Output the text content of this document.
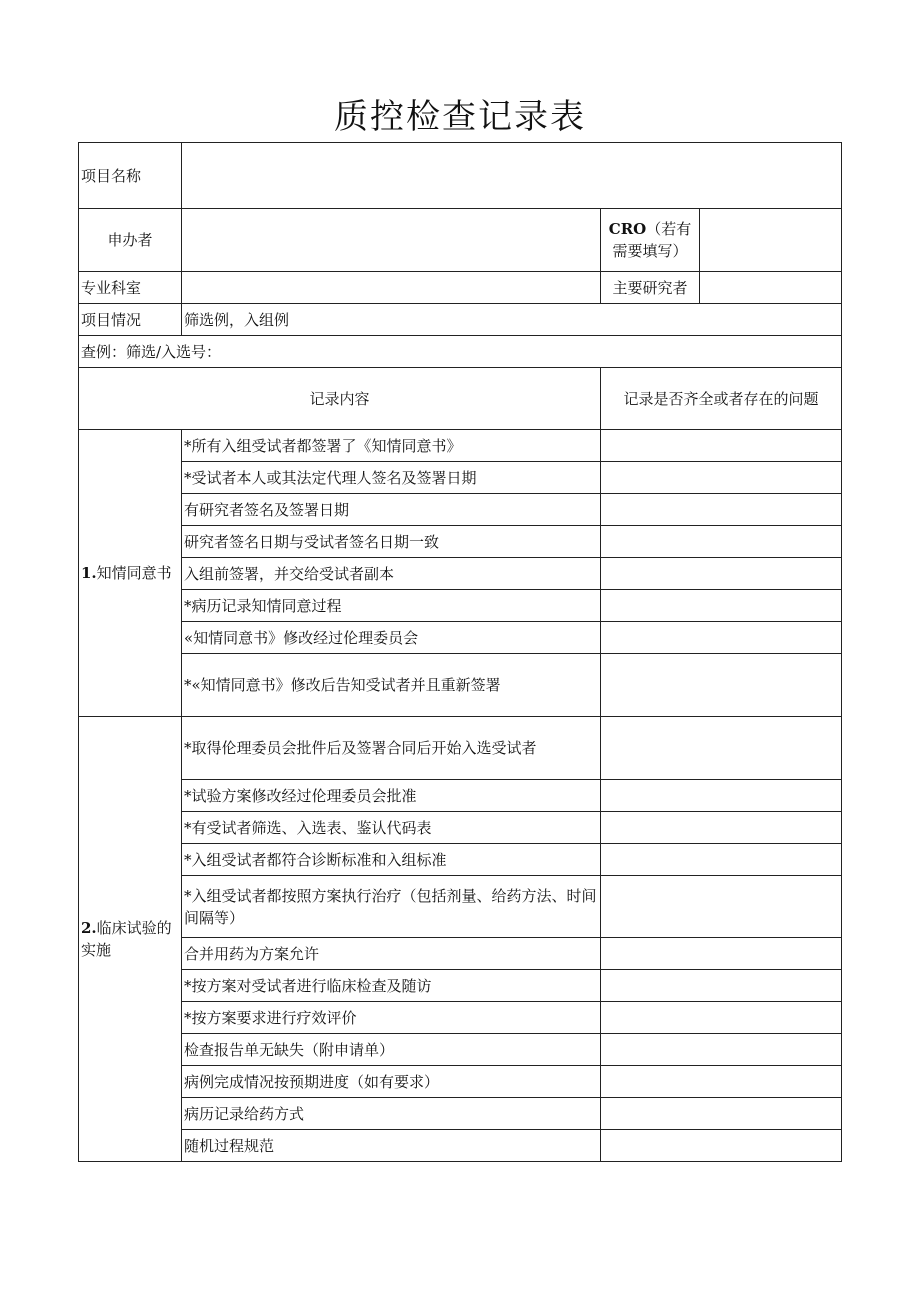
质控检查记录表
项目名称			
申办者		CRO（若有需要填写）	
专业科室		主要研究者	
项目情况	筛选例，入组例		
查例：筛选/入选号：			
记录内容		记录是否齐全或者存在的问题	
1.知情同意书	*所有入组受试者都签署了《知情同意书》		
	*受试者本人或其法定代理人签名及签署日期		
	有研究者签名及签署日期		
	研究者签名日期与受试者签名日期一致		
	入组前签署，并交给受试者副本		
	*病历记录知情同意过程		
	«知情同意书》修改经过伦理委员会		
	*«知情同意书》修改后告知受试者并且重新签署		
2.临床试验的实施	*取得伦理委员会批件后及签署合同后开始入选受试者		
	*试验方案修改经过伦理委员会批准		
	*有受试者筛选、入选表、鉴认代码表		
	*入组受试者都符合诊断标准和入组标准		
	*入组受试者都按照方案执行治疗（包括剂量、给药方法、时间间隔等）		
	合并用药为方案允许		
	*按方案对受试者进行临床检查及随访		
	*按方案要求进行疗效评价		
	检查报告单无缺失（附申请单）		
	病例完成情况按预期进度（如有要求）		
	病历记录给药方式		
	随机过程规范		
